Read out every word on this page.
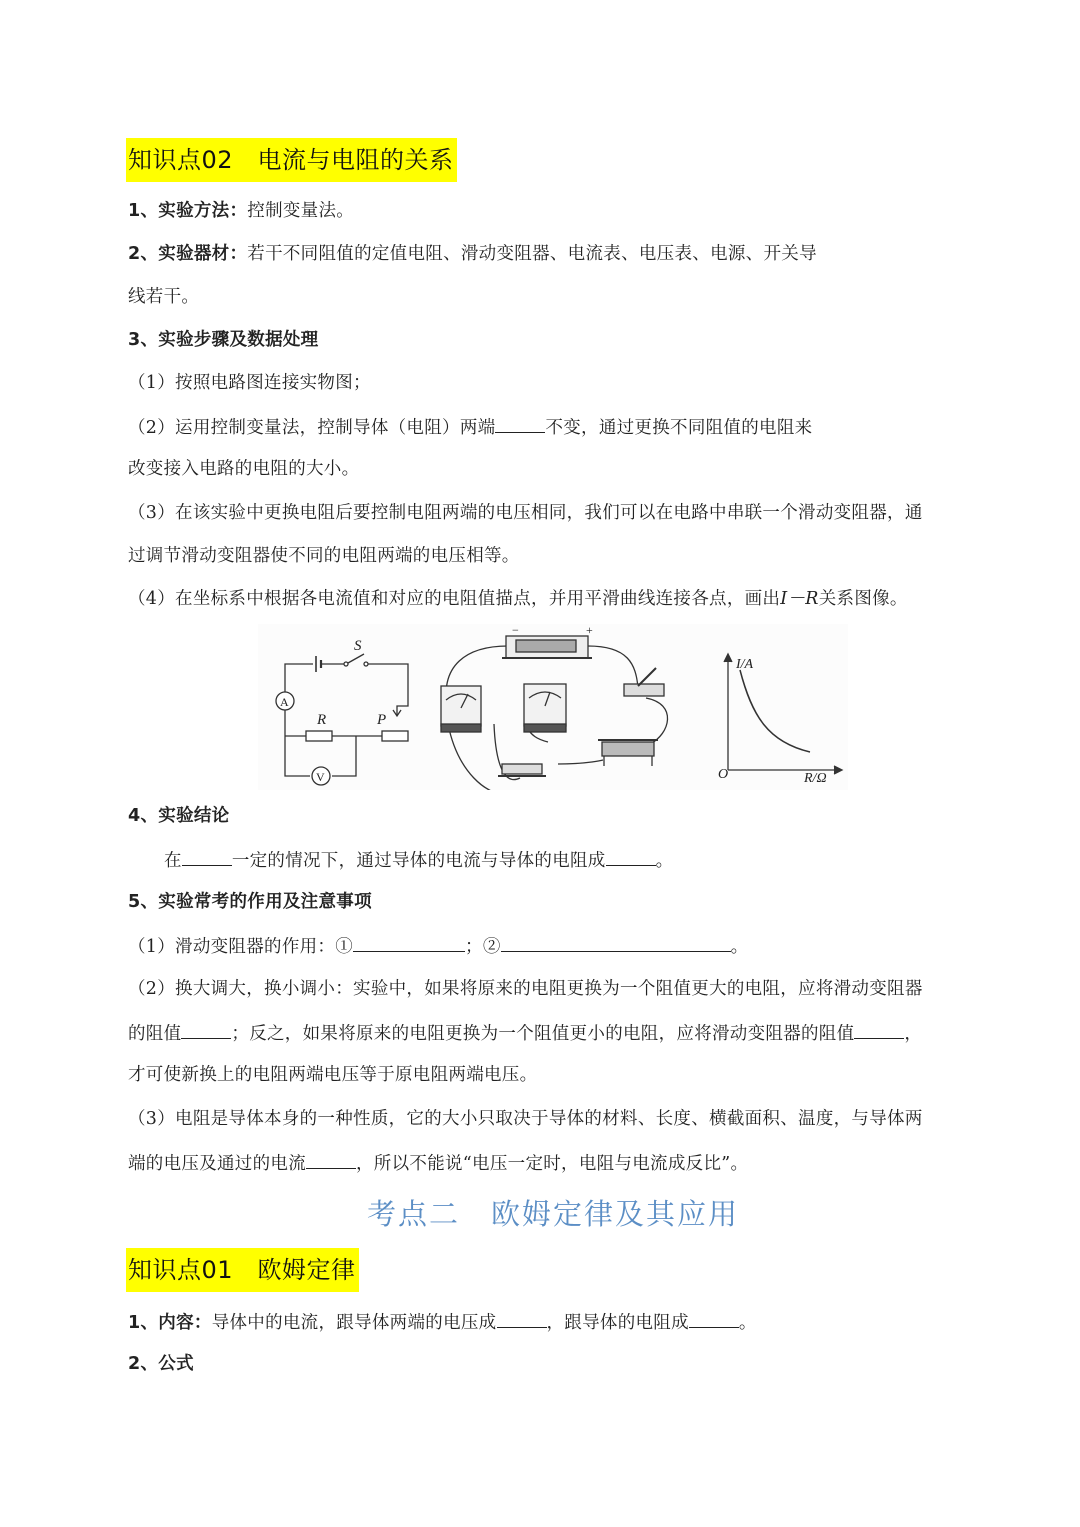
知识点02 电流与电阻的关系
1、实验方法：控制变量法。
2、实验器材：若干不同阻值的定值电阻、滑动变阻器、电流表、电压表、电源、开关导
线若干。
3、实验步骤及数据处理
（1）按照电路图连接实物图；
（2）运用控制变量法，控制导体（电阻）两端	不变，通过更换不同阻值的电阻来
改变接入电路的电阻的大小。
（3）在该实验中更换电阻后要控制电阻两端的电压相同，我们可以在电路中串联一个滑动变阻器，通
过调节滑动变阻器使不同的电阻两端的电压相等。
（4）在坐标系中根据各电流值和对应的电阻值描点，并用平滑曲线连接各点，画出I－R关系图像。
S
A
R	P
V
−	+
I/A
R/Ω
O
4、实验结论
在	一定的情况下，通过导体的电流与导体的电阻成	。
5、实验常考的作用及注意事项
（1）滑动变阻器的作用：①	；②	。
（2）换大调大，换小调小：实验中，如果将原来的电阻更换为一个阻值更大的电阻，应将滑动变阻器
的阻值	；反之，如果将原来的电阻更换为一个阻值更小的电阻，应将滑动变阻器的阻值	，
才可使新换上的电阻两端电压等于原电阻两端电压。
（3）电阻是导体本身的一种性质，它的大小只取决于导体的材料、长度、横截面积、温度，与导体两
端的电压及通过的电流	，所以不能说“电压一定时，电阻与电流成反比”。
考点二　欧姆定律及其应用
知识点01 欧姆定律
1、内容：导体中的电流，跟导体两端的电压成	，跟导体的电阻成	。
2、公式
